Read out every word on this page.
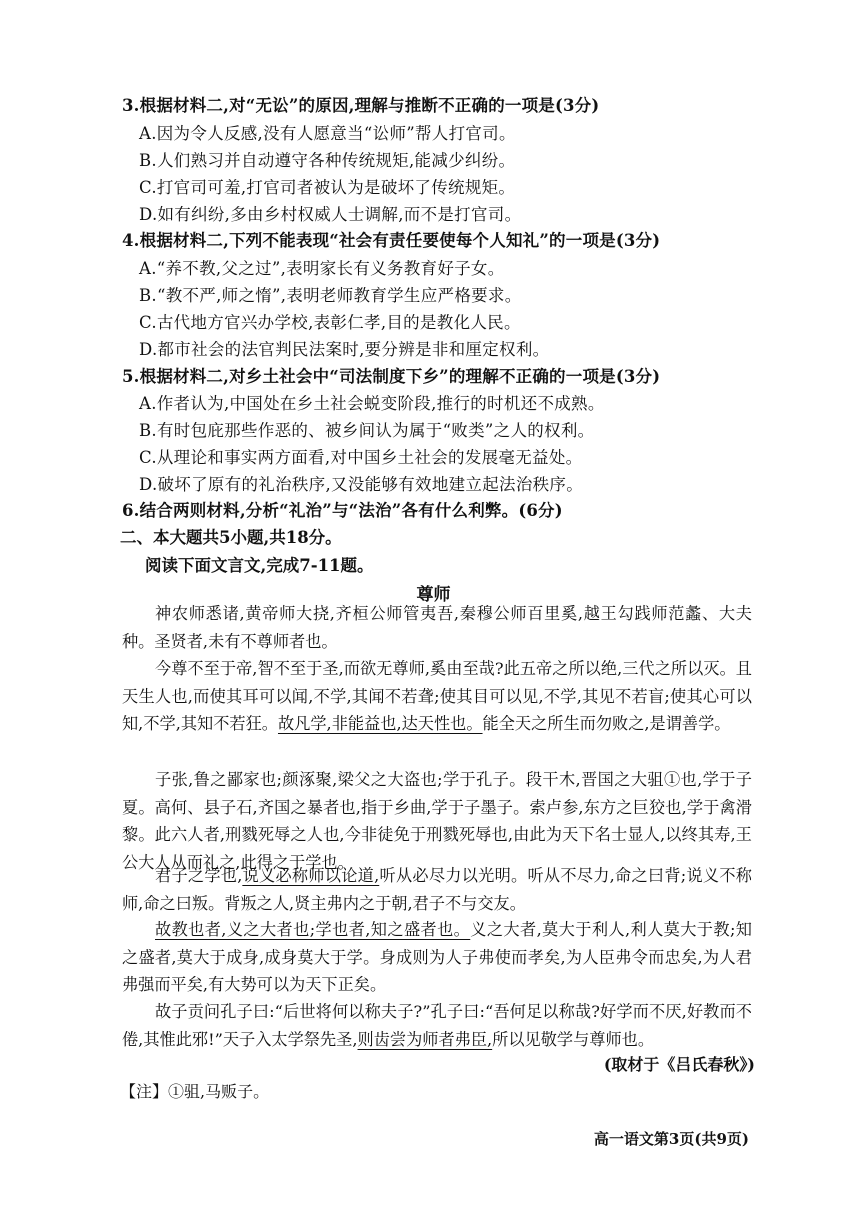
3.根据材料二,对“无讼”的原因,理解与推断不正确的一项是(3分)
A.因为令人反感,没有人愿意当“讼师”帮人打官司。
B.人们熟习并自动遵守各种传统规矩,能减少纠纷。
C.打官司可羞,打官司者被认为是破坏了传统规矩。
D.如有纠纷,多由乡村权威人士调解,而不是打官司。
4.根据材料二,下列不能表现“社会有责任要使每个人知礼”的一项是(3分)
A.“养不教,父之过”,表明家长有义务教育好子女。
B.“教不严,师之惰”,表明老师教育学生应严格要求。
C.古代地方官兴办学校,表彰仁孝,目的是教化人民。
D.都市社会的法官判民法案时,要分辨是非和厘定权利。
5.根据材料二,对乡土社会中“司法制度下乡”的理解不正确的一项是(3分)
A.作者认为,中国处在乡土社会蜕变阶段,推行的时机还不成熟。
B.有时包庇那些作恶的、被乡间认为属于“败类”之人的权利。
C.从理论和事实两方面看,对中国乡土社会的发展毫无益处。
D.破坏了原有的礼治秩序,又没能够有效地建立起法治秩序。
6.结合两则材料,分析“礼治”与“法治”各有什么利弊。(6分)
二、本大题共5小题,共18分。
阅读下面文言文,完成7-11题。
尊师
神农师悉诸,黄帝师大挠,齐桓公师管夷吾,秦穆公师百里奚,越王勾践师范蠡、大夫种。圣贤者,未有不尊师者也。
今尊不至于帝,智不至于圣,而欲无尊师,奚由至哉?此五帝之所以绝,三代之所以灭。且天生人也,而使其耳可以闻,不学,其闻不若聋;使其目可以见,不学,其见不若盲;使其心可以知,不学,其知不若狂。故凡学,非能益也,达天性也。能全天之所生而勿败之,是谓善学。
子张,鲁之鄙家也;颜涿聚,梁父之大盗也;学于孔子。段干木,晋国之大驵①也,学于子夏。高何、县子石,齐国之暴者也,指于乡曲,学于子墨子。索卢参,东方之巨狡也,学于禽滑黎。此六人者,刑戮死辱之人也,今非徒免于刑戮死辱也,由此为天下名士显人,以终其寿,王公大人从而礼之,此得之于学也。
君子之学也,说义必称师以论道,听从必尽力以光明。听从不尽力,命之曰背;说义不称师,命之曰叛。背叛之人,贤主弗内之于朝,君子不与交友。
故教也者,义之大者也;学也者,知之盛者也。义之大者,莫大于利人,利人莫大于教;知之盛者,莫大于成身,成身莫大于学。身成则为人子弗使而孝矣,为人臣弗令而忠矣,为人君弗强而平矣,有大势可以为天下正矣。
故子贡问孔子曰:“后世将何以称夫子?”孔子曰:“吾何足以称哉?好学而不厌,好教而不倦,其惟此邪!”天子入太学祭先圣,则齿尝为师者弗臣,所以见敬学与尊师也。
(取材于《吕氏春秋》)
【注】①驵,马贩子。
高一语文第3页(共9页)
